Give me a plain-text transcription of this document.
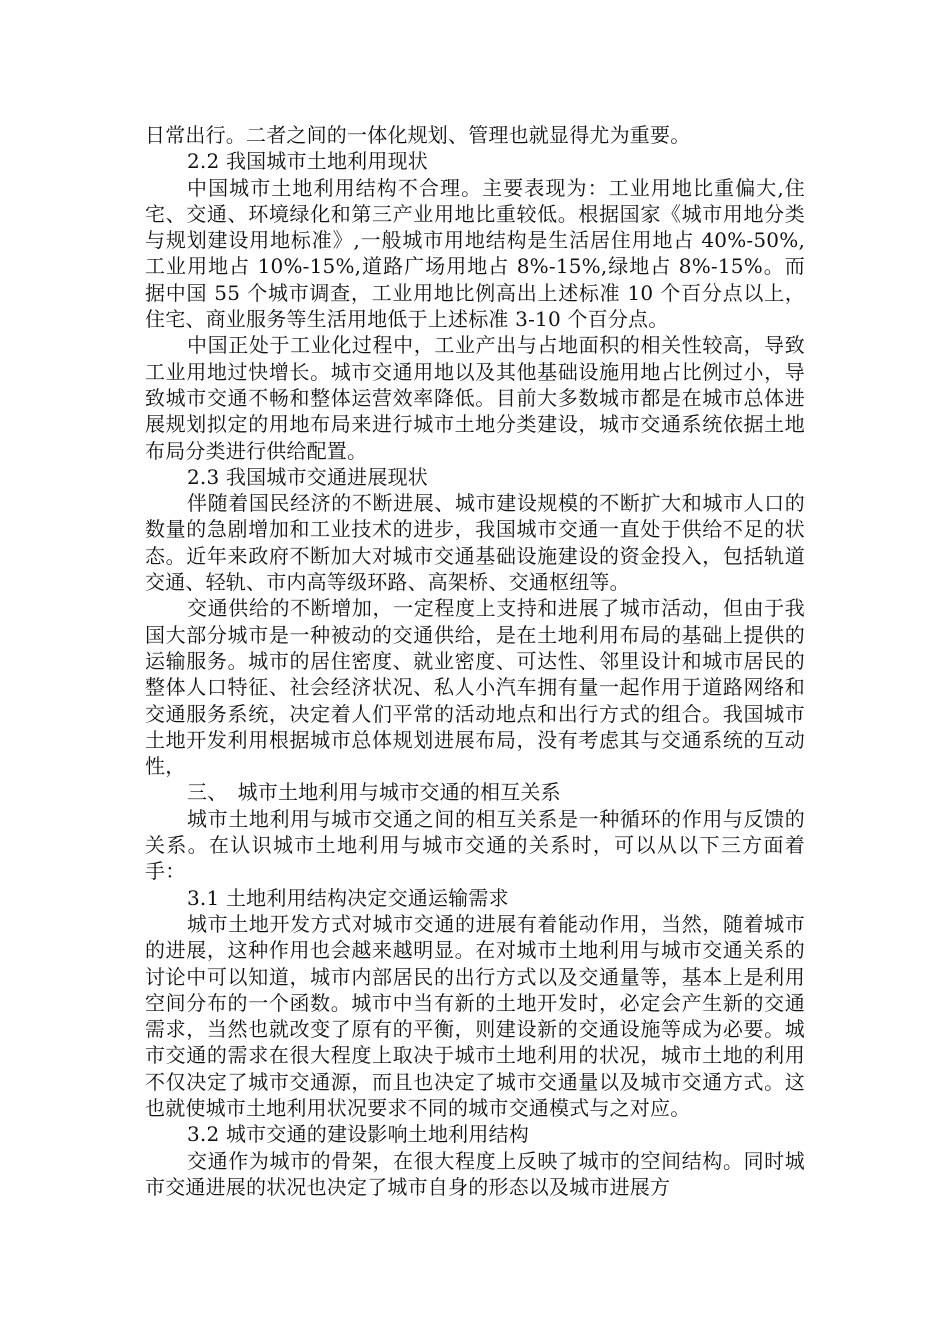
日常出行。二者之间的一体化规划、管理也就显得尤为重要。

2.2 我国城市土地利用现状

中国城市土地利用结构不合理。主要表现为：工业用地比重偏大,住宅、交通、环境绿化和第三产业用地比重较低。根据国家《城市用地分类与规划建设用地标准》,一般城市用地结构是生活居住用地占 40%-50%,工业用地占 10%-15%,道路广场用地占 8%-15%,绿地占 8%-15%。而据中国 55 个城市调查，工业用地比例高出上述标准 10 个百分点以上，住宅、商业服务等生活用地低于上述标准 3-10 个百分点。

中国正处于工业化过程中，工业产出与占地面积的相关性较高，导致工业用地过快增长。城市交通用地以及其他基础设施用地占比例过小，导致城市交通不畅和整体运营效率降低。目前大多数城市都是在城市总体进展规划拟定的用地布局来进行城市土地分类建设，城市交通系统依据土地布局分类进行供给配置。

2.3 我国城市交通进展现状

伴随着国民经济的不断进展、城市建设规模的不断扩大和城市人口的数量的急剧增加和工业技术的进步，我国城市交通一直处于供给不足的状态。近年来政府不断加大对城市交通基础设施建设的资金投入，包括轨道交通、轻轨、市内高等级环路、高架桥、交通枢纽等。

交通供给的不断增加，一定程度上支持和进展了城市活动，但由于我国大部分城市是一种被动的交通供给，是在土地利用布局的基础上提供的运输服务。城市的居住密度、就业密度、可达性、邻里设计和城市居民的整体人口特征、社会经济状况、私人小汽车拥有量一起作用于道路网络和交通服务系统，决定着人们平常的活动地点和出行方式的组合。我国城市土地开发利用根据城市总体规划进展布局，没有考虑其与交通系统的互动性，

三、　城市土地利用与城市交通的相互关系

城市土地利用与城市交通之间的相互关系是一种循环的作用与反馈的关系。在认识城市土地利用与城市交通的关系时，可以从以下三方面着手：

3.1 土地利用结构决定交通运输需求

城市土地开发方式对城市交通的进展有着能动作用，当然，随着城市的进展，这种作用也会越来越明显。在对城市土地利用与城市交通关系的讨论中可以知道，城市内部居民的出行方式以及交通量等，基本上是利用空间分布的一个函数。城市中当有新的土地开发时，必定会产生新的交通需求，当然也就改变了原有的平衡，则建设新的交通设施等成为必要。城市交通的需求在很大程度上取决于城市土地利用的状况，城市土地的利用不仅决定了城市交通源，而且也决定了城市交通量以及城市交通方式。这也就使城市土地利用状况要求不同的城市交通模式与之对应。

3.2 城市交通的建设影响土地利用结构

交通作为城市的骨架，在很大程度上反映了城市的空间结构。同时城市交通进展的状况也决定了城市自身的形态以及城市进展方
